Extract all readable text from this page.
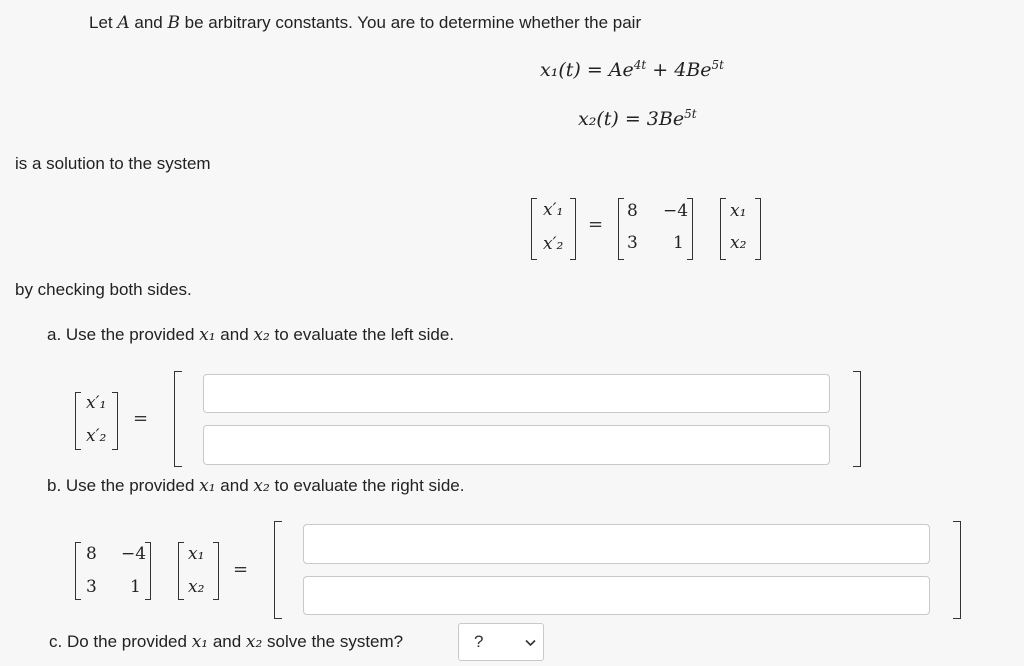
Let A and B be arbitrary constants. You are to determine whether the pair
$x_1(t) = Ae^{4t} + 4Be^{5t}$
$x_2(t) = 3Be^{5t}$
is a solution to the system
x′₁
x′₂
=
8 −4
3 1
x₁
x₂
by checking both sides.
a. Use the provided x₁ and x₂ to evaluate the left side.
x′₁
x′₂
=
b. Use the provided x₁ and x₂ to evaluate the right side.
8 −4
3 1
x₁
x₂
=
c. Do the provided x₁ and x₂ solve the system?	?
